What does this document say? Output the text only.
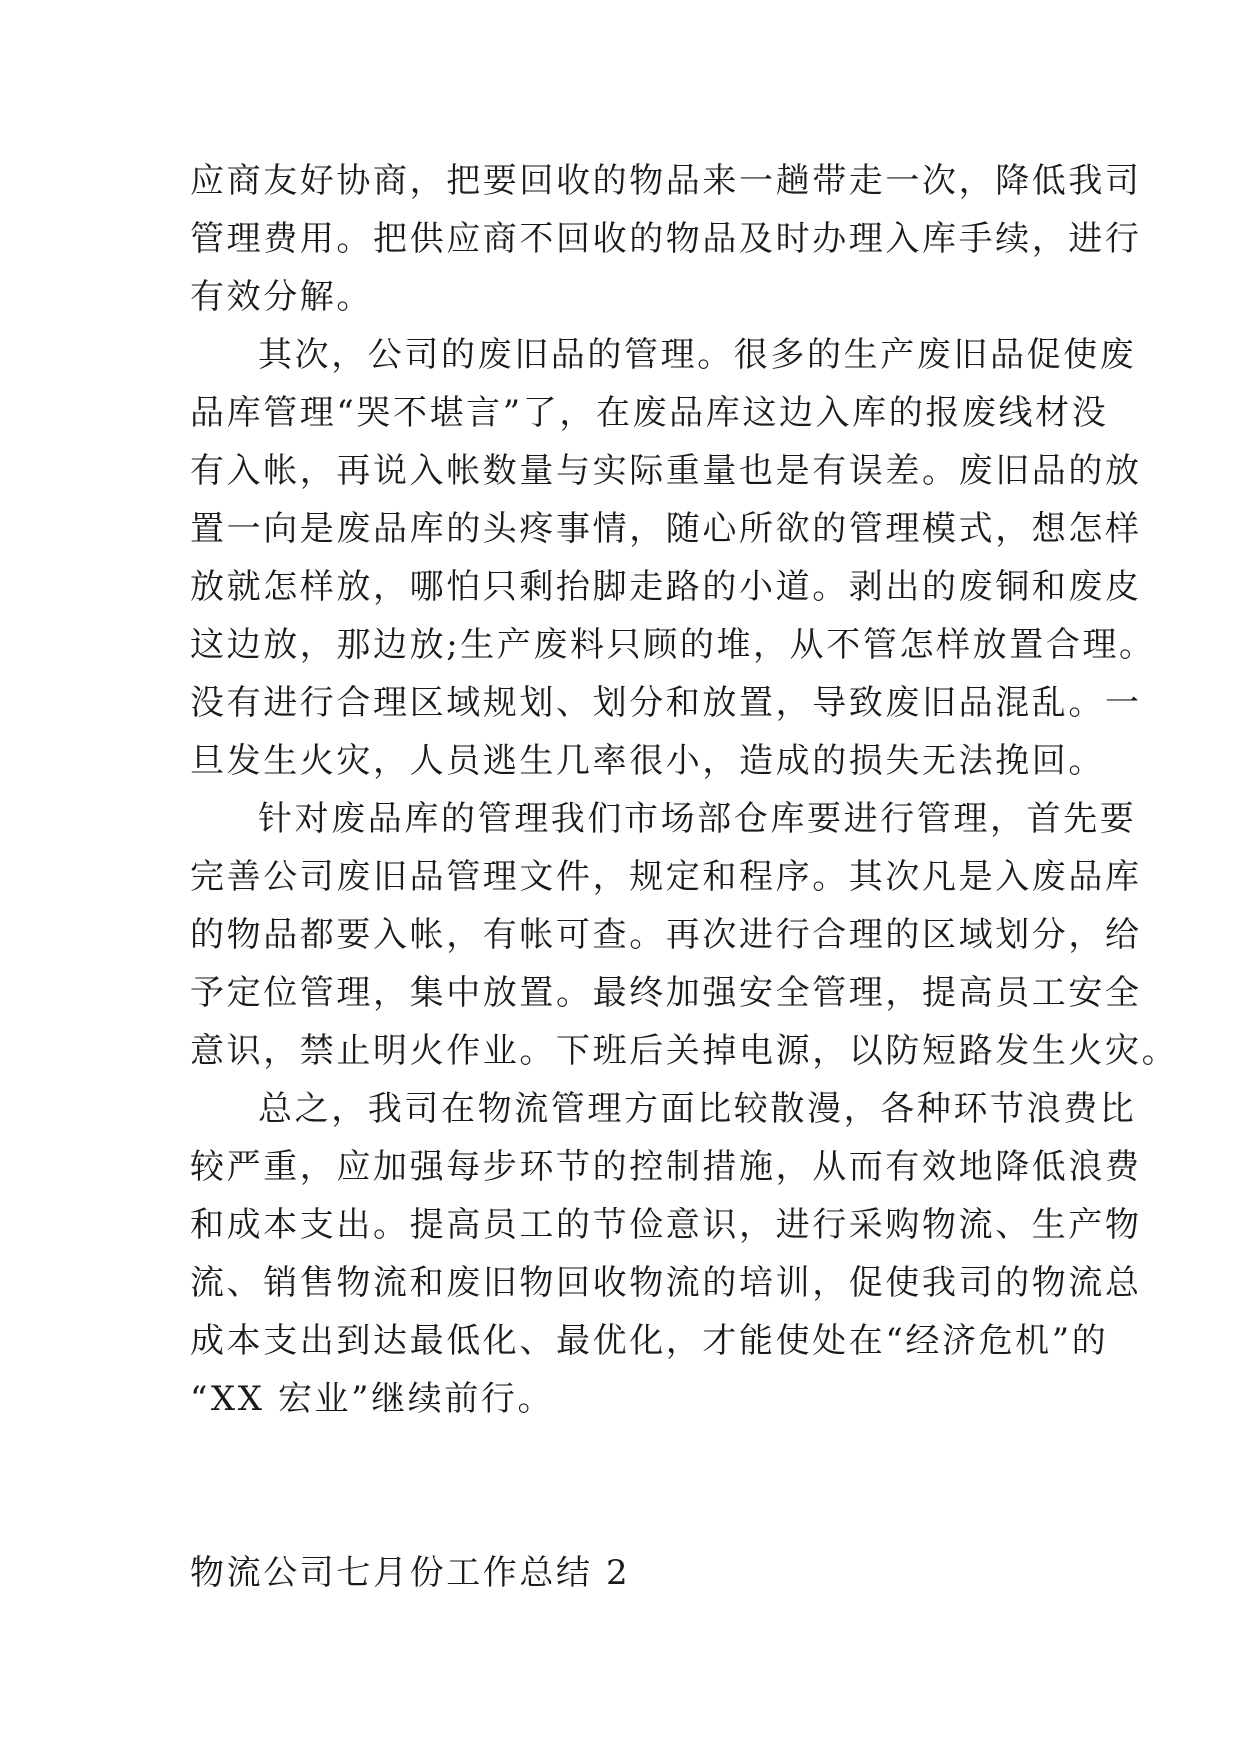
应商友好协商，把要回收的物品来一趟带走一次，降低我司
管理费用。把供应商不回收的物品及时办理入库手续，进行
有效分解。
其次，公司的废旧品的管理。很多的生产废旧品促使废
品库管理“哭不堪言”了，在废品库这边入库的报废线材没
有入帐，再说入帐数量与实际重量也是有误差。废旧品的放
置一向是废品库的头疼事情，随心所欲的管理模式，想怎样
放就怎样放，哪怕只剩抬脚走路的小道。剥出的废铜和废皮
这边放，那边放;生产废料只顾的堆，从不管怎样放置合理。
没有进行合理区域规划、划分和放置，导致废旧品混乱。一
旦发生火灾，人员逃生几率很小，造成的损失无法挽回。
针对废品库的管理我们市场部仓库要进行管理，首先要
完善公司废旧品管理文件，规定和程序。其次凡是入废品库
的物品都要入帐，有帐可查。再次进行合理的区域划分，给
予定位管理，集中放置。最终加强安全管理，提高员工安全
意识，禁止明火作业。下班后关掉电源，以防短路发生火灾。
总之，我司在物流管理方面比较散漫，各种环节浪费比
较严重，应加强每步环节的控制措施，从而有效地降低浪费
和成本支出。提高员工的节俭意识，进行采购物流、生产物
流、销售物流和废旧物回收物流的培训，促使我司的物流总
成本支出到达最低化、最优化，才能使处在“经济危机”的
“XX 宏业”继续前行。
物流公司七月份工作总结 2
